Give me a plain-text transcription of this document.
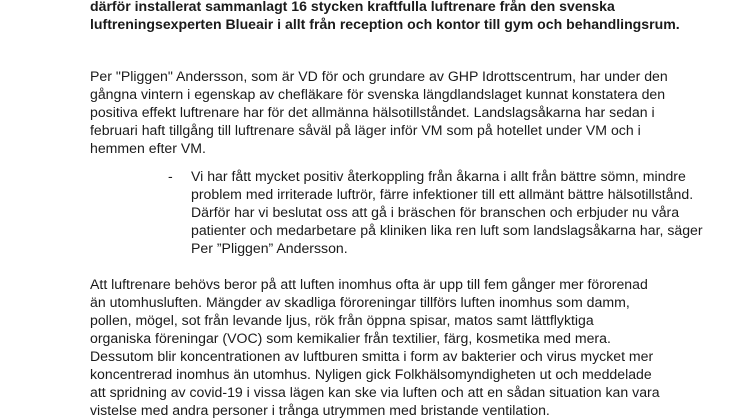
därför installerat sammanlagt 16 stycken kraftfulla luftrenare från den svenska
luftreningsexperten Blueair i allt från reception och kontor till gym och behandlingsrum.

Per "Pliggen" Andersson, som är VD för och grundare av GHP Idrottscentrum, har under den
gångna vintern i egenskap av chefläkare för svenska längdlandslaget kunnat konstatera den
positiva effekt luftrenare har för det allmänna hälsotillståndet. Landslagsåkarna har sedan i
februari haft tillgång till luftrenare såväl på läger inför VM som på hotellet under VM och i
hemmen efter VM.

- Vi har fått mycket positiv återkoppling från åkarna i allt från bättre sömn, mindre
problem med irriterade luftrör, färre infektioner till ett allmänt bättre hälsotillstånd.
Därför har vi beslutat oss att gå i bräschen för branschen och erbjuder nu våra
patienter och medarbetare på kliniken lika ren luft som landslagsåkarna har, säger
Per ”Pliggen” Andersson.

Att luftrenare behövs beror på att luften inomhus ofta är upp till fem gånger mer förorenad
än utomhusluften. Mängder av skadliga föroreningar tillförs luften inomhus som damm,
pollen, mögel, sot från levande ljus, rök från öppna spisar, matos samt lättflyktiga
organiska föreningar (VOC) som kemikalier från textilier, färg, kosmetika med mera.
Dessutom blir koncentrationen av luftburen smitta i form av bakterier och virus mycket mer
koncentrerad inomhus än utomhus. Nyligen gick Folkhälsomyndigheten ut och meddelade
att spridning av covid-19 i vissa lägen kan ske via luften och att en sådan situation kan vara
vistelse med andra personer i trånga utrymmen med bristande ventilation.
